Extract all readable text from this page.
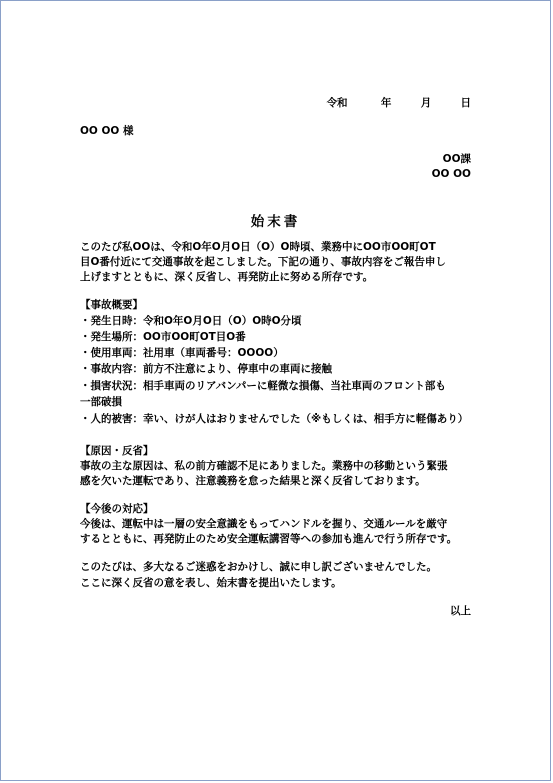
令和	年	月	日
OO OO 様
OO課
OO OO
始末書
このたび私OOは、令和O年O月O日（O）O時頃、業務中にOO市OO町OT
目O番付近にて交通事故を起こしました。下記の通り、事故内容をご報告申し
上げますとともに、深く反省し、再発防止に努める所存です。
【事故概要】
・発生日時：令和O年O月O日（O）O時O分頃
・発生場所：OO市OO町OT目O番
・使用車両：社用車（車両番号：OOOO）
・事故内容：前方不注意により、停車中の車両に接触
・損害状況：相手車両のリアバンパーに軽微な損傷、当社車両のフロント部も
一部破損
・人的被害：幸い、けが人はおりませんでした（※もしくは、相手方に軽傷あり）
【原因・反省】
事故の主な原因は、私の前方確認不足にありました。業務中の移動という緊張
感を欠いた運転であり、注意義務を怠った結果と深く反省しております。
【今後の対応】
今後は、運転中は一層の安全意識をもってハンドルを握り、交通ルールを厳守
するとともに、再発防止のため安全運転講習等への参加も進んで行う所存です。
このたびは、多大なるご迷惑をおかけし、誠に申し訳ございませんでした。
ここに深く反省の意を表し、始末書を提出いたします。
以上
